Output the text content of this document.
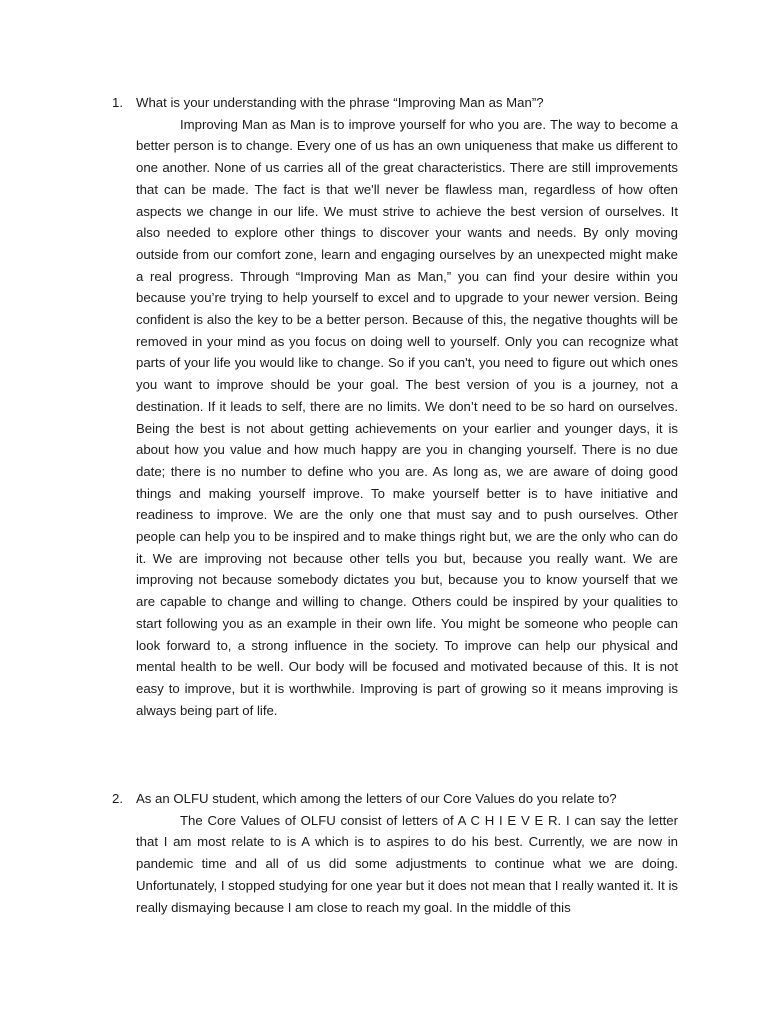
1. What is your understanding with the phrase “Improving Man as Man”?

Improving Man as Man is to improve yourself for who you are. The way to become a better person is to change. Every one of us has an own uniqueness that make us different to one another. None of us carries all of the great characteristics. There are still improvements that can be made. The fact is that we'll never be flawless man, regardless of how often aspects we change in our life. We must strive to achieve the best version of ourselves. It also needed to explore other things to discover your wants and needs. By only moving outside from our comfort zone, learn and engaging ourselves by an unexpected might make a real progress. Through “Improving Man as Man,” you can find your desire within you because you’re trying to help yourself to excel and to upgrade to your newer version. Being confident is also the key to be a better person. Because of this, the negative thoughts will be removed in your mind as you focus on doing well to yourself. Only you can recognize what parts of your life you would like to change. So if you can't, you need to figure out which ones you want to improve should be your goal. The best version of you is a journey, not a destination. If it leads to self, there are no limits. We don’t need to be so hard on ourselves. Being the best is not about getting achievements on your earlier and younger days, it is about how you value and how much happy are you in changing yourself. There is no due date; there is no number to define who you are. As long as, we are aware of doing good things and making yourself improve. To make yourself better is to have initiative and readiness to improve. We are the only one that must say and to push ourselves. Other people can help you to be inspired and to make things right but, we are the only who can do it. We are improving not because other tells you but, because you really want. We are improving not because somebody dictates you but, because you to know yourself that we are capable to change and willing to change. Others could be inspired by your qualities to start following you as an example in their own life. You might be someone who people can look forward to, a strong influence in the society. To improve can help our physical and mental health to be well. Our body will be focused and motivated because of this. It is not easy to improve, but it is worthwhile. Improving is part of growing so it means improving is always being part of life.

2. As an OLFU student, which among the letters of our Core Values do you relate to?

The Core Values of OLFU consist of letters of A C H I E V E R. I can say the letter that I am most relate to is A which is to aspires to do his best. Currently, we are now in pandemic time and all of us did some adjustments to continue what we are doing. Unfortunately, I stopped studying for one year but it does not mean that I really wanted it. It is really dismaying because I am close to reach my goal. In the middle of this
